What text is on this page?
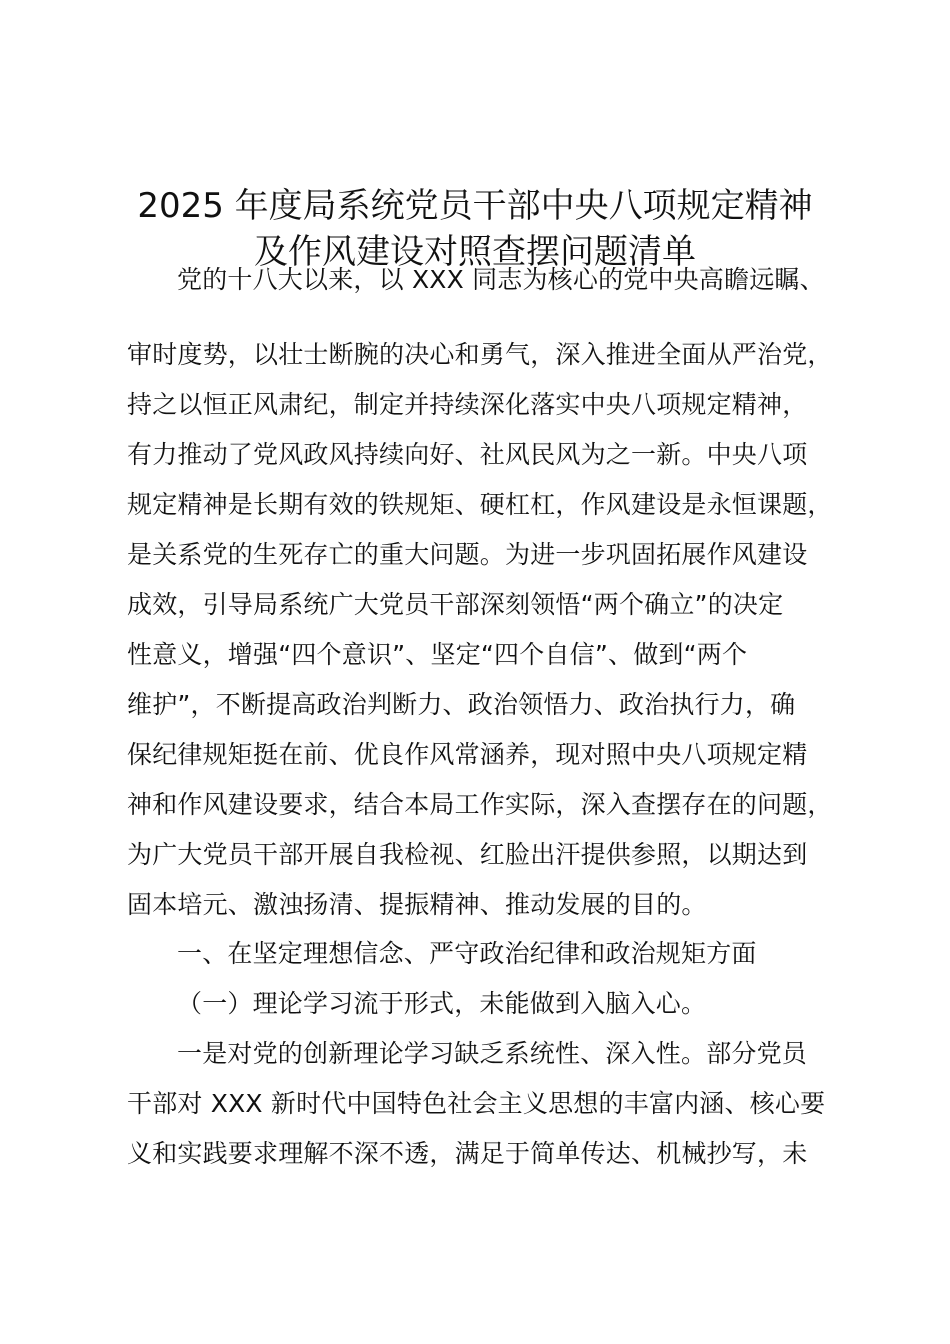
2025 年度局系统党员干部中央八项规定精神
及作风建设对照查摆问题清单
党的十八大以来，以 XXX 同志为核心的党中央高瞻远瞩、
审时度势，以壮士断腕的决心和勇气，深入推进全面从严治党，
持之以恒正风肃纪，制定并持续深化落实中央八项规定精神，
有力推动了党风政风持续向好、社风民风为之一新。中央八项
规定精神是长期有效的铁规矩、硬杠杠，作风建设是永恒课题，
是关系党的生死存亡的重大问题。为进一步巩固拓展作风建设
成效，引导局系统广大党员干部深刻领悟“两个确立”的决定
性意义，增强“四个意识”、坚定“四个自信”、做到“两个
维护”，不断提高政治判断力、政治领悟力、政治执行力，确
保纪律规矩挺在前、优良作风常涵养，现对照中央八项规定精
神和作风建设要求，结合本局工作实际，深入查摆存在的问题，
为广大党员干部开展自我检视、红脸出汗提供参照，以期达到
固本培元、激浊扬清、提振精神、推动发展的目的。
一、在坚定理想信念、严守政治纪律和政治规矩方面
（一）理论学习流于形式，未能做到入脑入心。
一是对党的创新理论学习缺乏系统性、深入性。部分党员
干部对 XXX 新时代中国特色社会主义思想的丰富内涵、核心要
义和实践要求理解不深不透，满足于简单传达、机械抄写，未
